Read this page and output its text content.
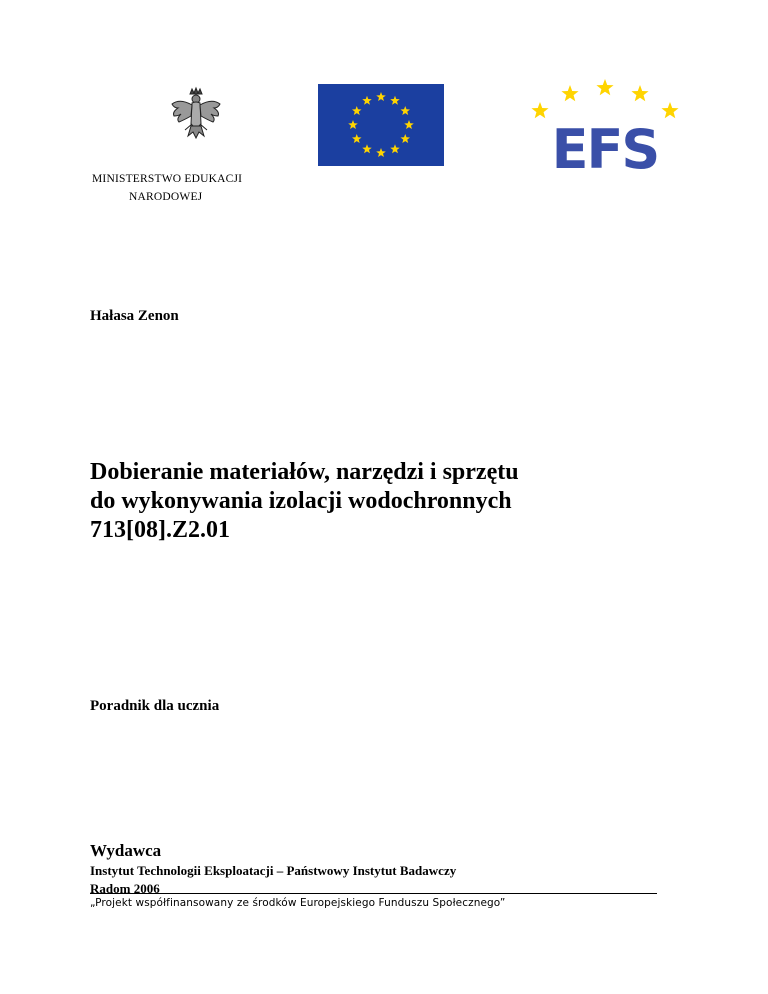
EFS
MINISTERSTWO EDUKACJI
NARODOWEJ
Hałasa Zenon
Dobieranie materiałów, narzędzi i sprzętu
do wykonywania izolacji wodochronnych
713[08].Z2.01
Poradnik dla ucznia
Wydawca
Instytut Technologii Eksploatacji – Państwowy Instytut Badawczy
Radom 2006
„Projekt współfinansowany ze środków Europejskiego Funduszu Społecznego”
